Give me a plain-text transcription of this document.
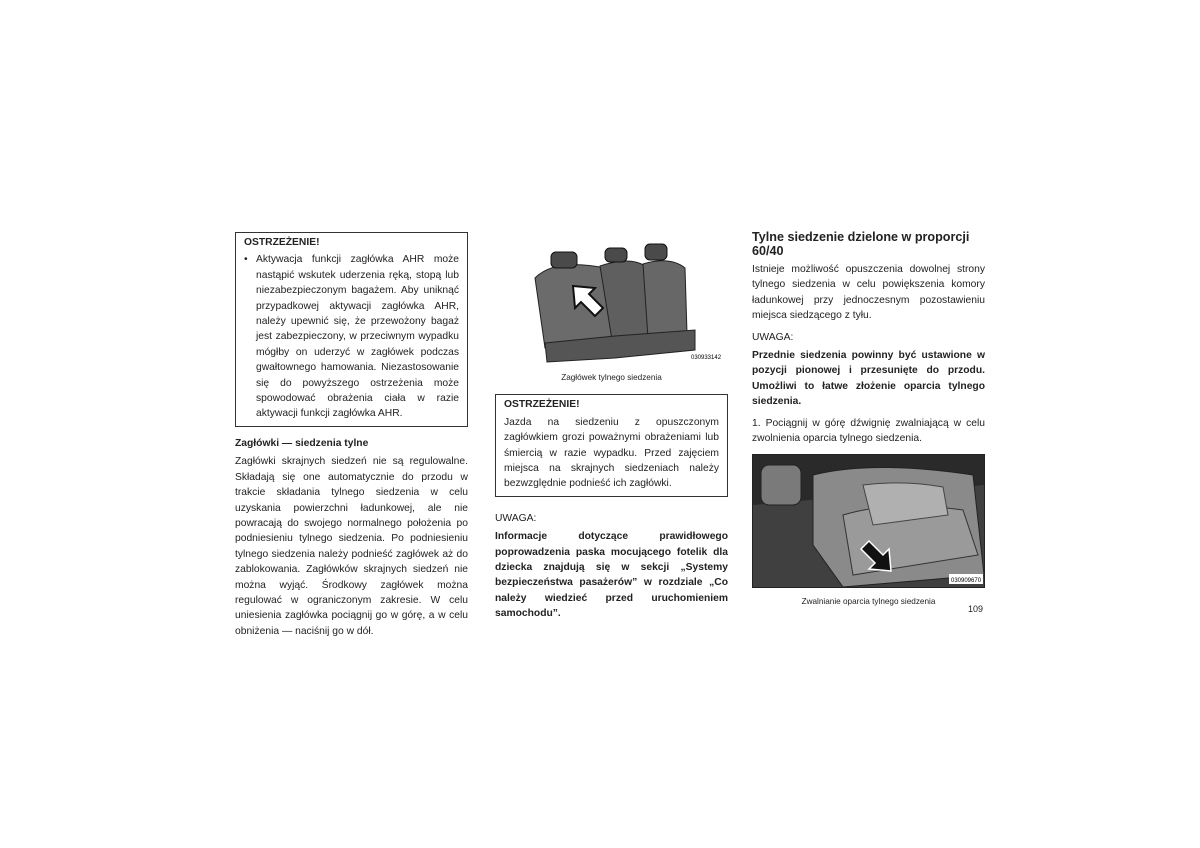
OSTRZEŻENIE!
• Aktywacja funkcji zagłówka AHR może nastąpić wskutek uderzenia ręką, stopą lub niezabezpieczonym bagażem. Aby uniknąć przypadkowej aktywacji zagłówka AHR, należy upewnić się, że przewożony bagaż jest zabezpieczony, w przeciwnym wypadku mógłby on uderzyć w zagłówek podczas gwałtownego hamowania. Niezastosowanie się do powyższego ostrzeżenia może spowodować obrażenia ciała w razie aktywacji funkcji zagłówka AHR.
Zagłówki — siedzenia tylne
Zagłówki skrajnych siedzeń nie są regulowalne. Składają się one automatycznie do przodu w trakcie składania tylnego siedzenia w celu uzyskania powierzchni ładunkowej, ale nie powracają do swojego normalnego położenia po podniesieniu tylnego siedzenia. Po podniesieniu tylnego siedzenia należy podnieść zagłówek aż do zablokowania. Zagłówków skrajnych siedzeń nie można wyjąć. Środkowy zagłówek można regulować w ograniczonym zakresie. W celu uniesienia zagłówka pociągnij go w górę, a w celu obniżenia — naciśnij go w dół.
030933142
Zagłówek tylnego siedzenia
OSTRZEŻENIE!
Jazda na siedzeniu z opuszczonym zagłówkiem grozi poważnymi obrażeniami lub śmiercią w razie wypadku. Przed zajęciem miejsca na skrajnych siedzeniach należy bezwzględnie podnieść ich zagłówki.
UWAGA:
Informacje dotyczące prawidłowego poprowadzenia paska mocującego fotelik dla dziecka znajdują się w sekcji „Systemy bezpieczeństwa pasażerów” w rozdziale „Co należy wiedzieć przed uruchomieniem samochodu”.
Tylne siedzenie dzielone w proporcji 60/40
Istnieje możliwość opuszczenia dowolnej strony tylnego siedzenia w celu powiększenia komory ładunkowej przy jednoczesnym pozostawieniu miejsca siedzącego z tyłu.
UWAGA:
Przednie siedzenia powinny być ustawione w pozycji pionowej i przesunięte do przodu. Umożliwi to łatwe złożenie oparcia tylnego siedzenia.
1. Pociągnij w górę dźwignię zwalniającą w celu zwolnienia oparcia tylnego siedzenia.
030909670
Zwalnianie oparcia tylnego siedzenia
109
